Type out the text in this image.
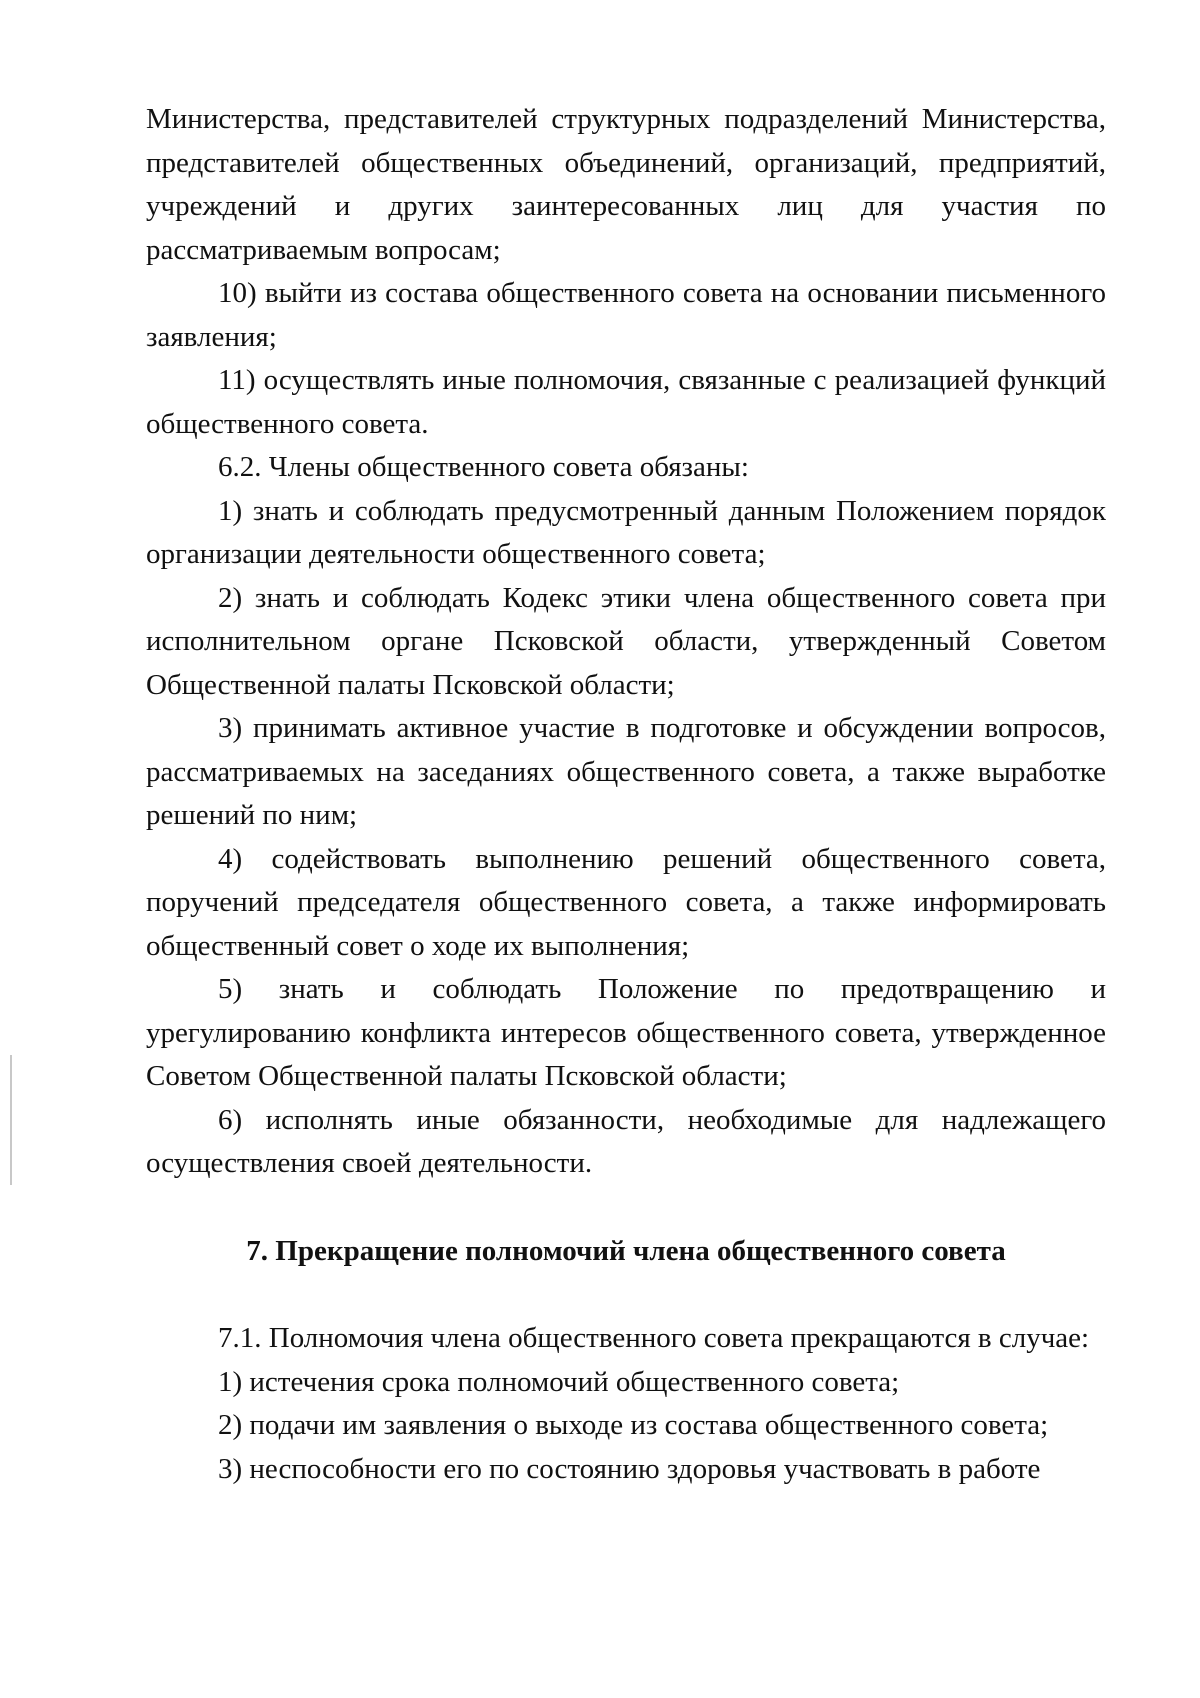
Министерства, представителей структурных подразделений Министерства, представителей общественных объединений, организаций, предприятий, учреждений и других заинтересованных лиц для участия по рассматриваемым вопросам;

10) выйти из состава общественного совета на основании письменного заявления;

11) осуществлять иные полномочия, связанные с реализацией функций общественного совета.

6.2. Члены общественного совета обязаны:

1) знать и соблюдать предусмотренный данным Положением порядок организации деятельности общественного совета;

2) знать и соблюдать Кодекс этики члена общественного совета при исполнительном органе Псковской области, утвержденный Советом Общественной палаты Псковской области;

3) принимать активное участие в подготовке и обсуждении вопросов, рассматриваемых на заседаниях общественного совета, а также выработке решений по ним;

4) содействовать выполнению решений общественного совета, поручений председателя общественного совета, а также информировать общественный совет о ходе их выполнения;

5) знать и соблюдать Положение по предотвращению и урегулированию конфликта интересов общественного совета, утвержденное Советом Общественной палаты Псковской области;

6) исполнять иные обязанности, необходимые для надлежащего осуществления своей деятельности.

7. Прекращение полномочий члена общественного совета

7.1. Полномочия члена общественного совета прекращаются в случае:

1) истечения срока полномочий общественного совета;

2) подачи им заявления о выходе из состава общественного совета;

3) неспособности его по состоянию здоровья участвовать в работе
